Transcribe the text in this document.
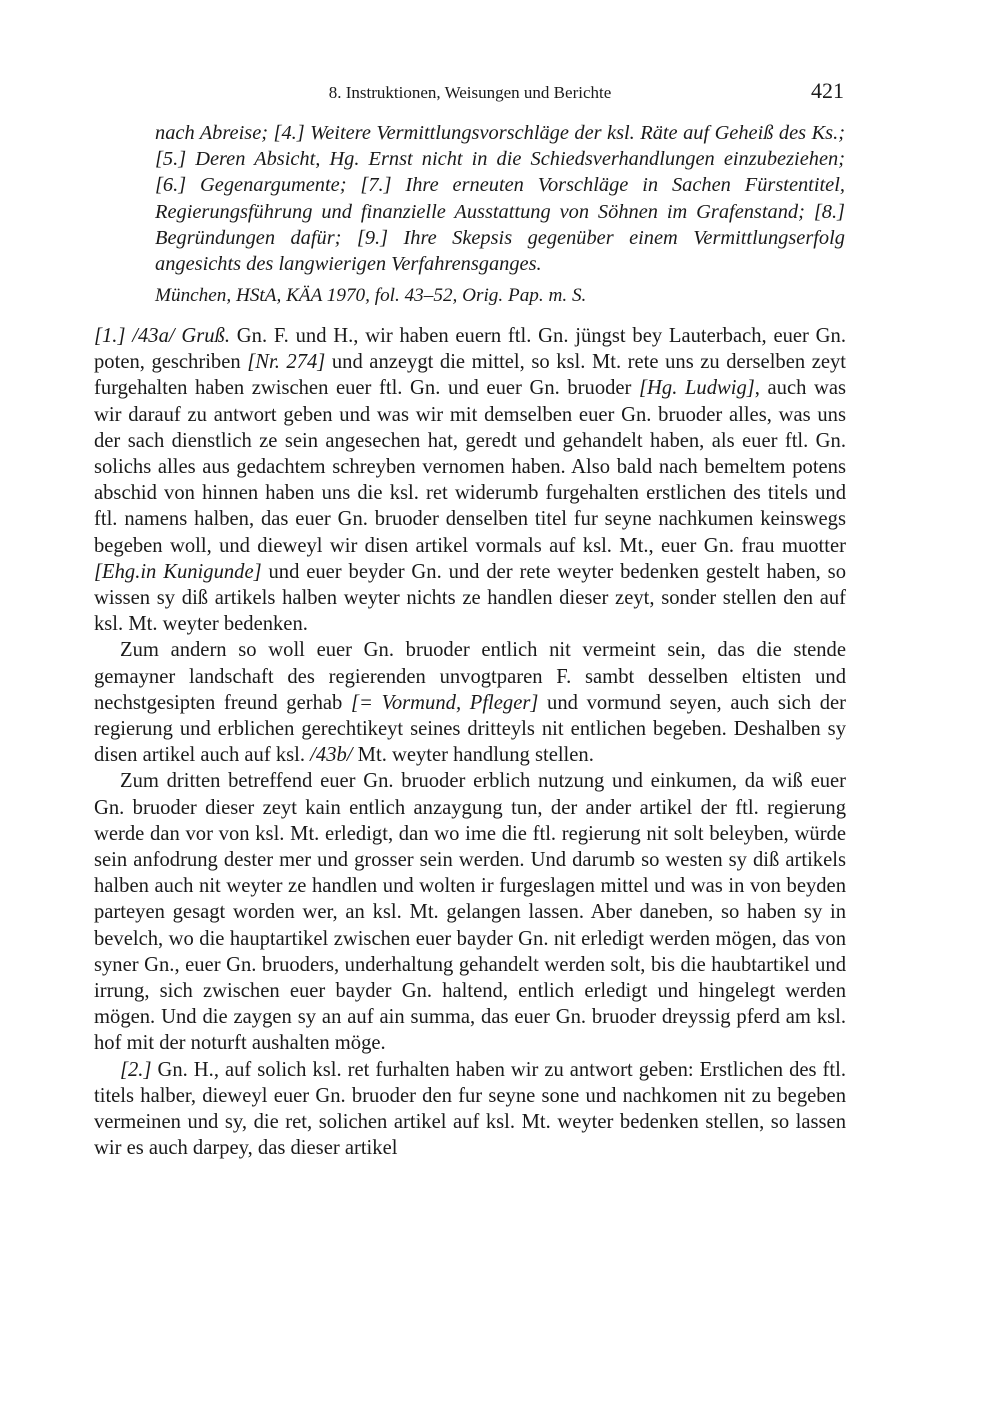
8. Instruktionen, Weisungen und Berichte	421

nach Abreise; [4.] Weitere Vermittlungsvorschläge der ksl. Räte auf Geheiß des Ks.; [5.] Deren Absicht, Hg. Ernst nicht in die Schiedsverhandlungen einzubeziehen; [6.] Gegenargumente; [7.] Ihre erneuten Vorschläge in Sachen Fürstentitel, Regierungsführung und finanzielle Ausstattung von Söhnen im Grafenstand; [8.] Begründungen dafür; [9.] Ihre Skepsis gegenüber einem Vermittlungserfolg angesichts des langwierigen Verfahrensganges.

München, HStA, KÄA 1970, fol. 43–52, Orig. Pap. m. S.

[1.] /43a/ Gruß. Gn. F. und H., wir haben euern ftl. Gn. jüngst bey Lauterbach, euer Gn. poten, geschriben [Nr. 274] und anzeygt die mittel, so ksl. Mt. rete uns zu derselben zeyt furgehalten haben zwischen euer ftl. Gn. und euer Gn. bruoder [Hg. Ludwig], auch was wir darauf zu antwort geben und was wir mit demselben euer Gn. bruoder alles, was uns der sach dienstlich ze sein angesechen hat, geredt und gehandelt haben, als euer ftl. Gn. solichs alles aus gedachtem schreyben vernomen haben. Also bald nach bemeltem potens abschid von hinnen haben uns die ksl. ret widerumb furgehalten erstlichen des titels und ftl. namens halben, das euer Gn. bruoder denselben titel fur seyne nachkumen keinswegs begeben woll, und dieweyl wir disen artikel vormals auf ksl. Mt., euer Gn. frau muotter [Ehg.in Kunigunde] und euer beyder Gn. und der rete weyter bedenken gestelt haben, so wissen sy diß artikels halben weyter nichts ze handlen dieser zeyt, sonder stellen den auf ksl. Mt. weyter bedenken.

Zum andern so woll euer Gn. bruoder entlich nit vermeint sein, das die stende gemayner landschaft des regierenden unvogtparen F. sambt desselben eltisten und nechstgesipten freund gerhab [= Vormund, Pfleger] und vormund seyen, auch sich der regierung und erblichen gerechtikeyt seines dritteyls nit entlichen begeben. Deshalben sy disen artikel auch auf ksl. /43b/ Mt. weyter handlung stellen.

Zum dritten betreffend euer Gn. bruoder erblich nutzung und einkumen, da wiß euer Gn. bruoder dieser zeyt kain entlich anzaygung tun, der ander artikel der ftl. regierung werde dan vor von ksl. Mt. erledigt, dan wo ime die ftl. regierung nit solt beleyben, würde sein anfodrung dester mer und grosser sein werden. Und darumb so westen sy diß artikels halben auch nit weyter ze handlen und wolten ir furgeslagen mittel und was in von beyden parteyen gesagt worden wer, an ksl. Mt. gelangen lassen. Aber daneben, so haben sy in bevelch, wo die hauptartikel zwischen euer bayder Gn. nit erledigt werden mögen, das von syner Gn., euer Gn. bruoders, underhaltung gehandelt werden solt, bis die haubtartikel und irrung, sich zwischen euer bayder Gn. haltend, entlich erledigt und hingelegt werden mögen. Und die zaygen sy an auf ain summa, das euer Gn. bruoder dreyssig pferd am ksl. hof mit der noturft aushalten möge.

[2.] Gn. H., auf solich ksl. ret furhalten haben wir zu antwort geben: Erstlichen des ftl. titels halber, dieweyl euer Gn. bruoder den fur seyne sone und nachkomen nit zu begeben vermeinen und sy, die ret, solichen artikel auf ksl. Mt. weyter bedenken stellen, so lassen wir es auch darpey, das dieser artikel
